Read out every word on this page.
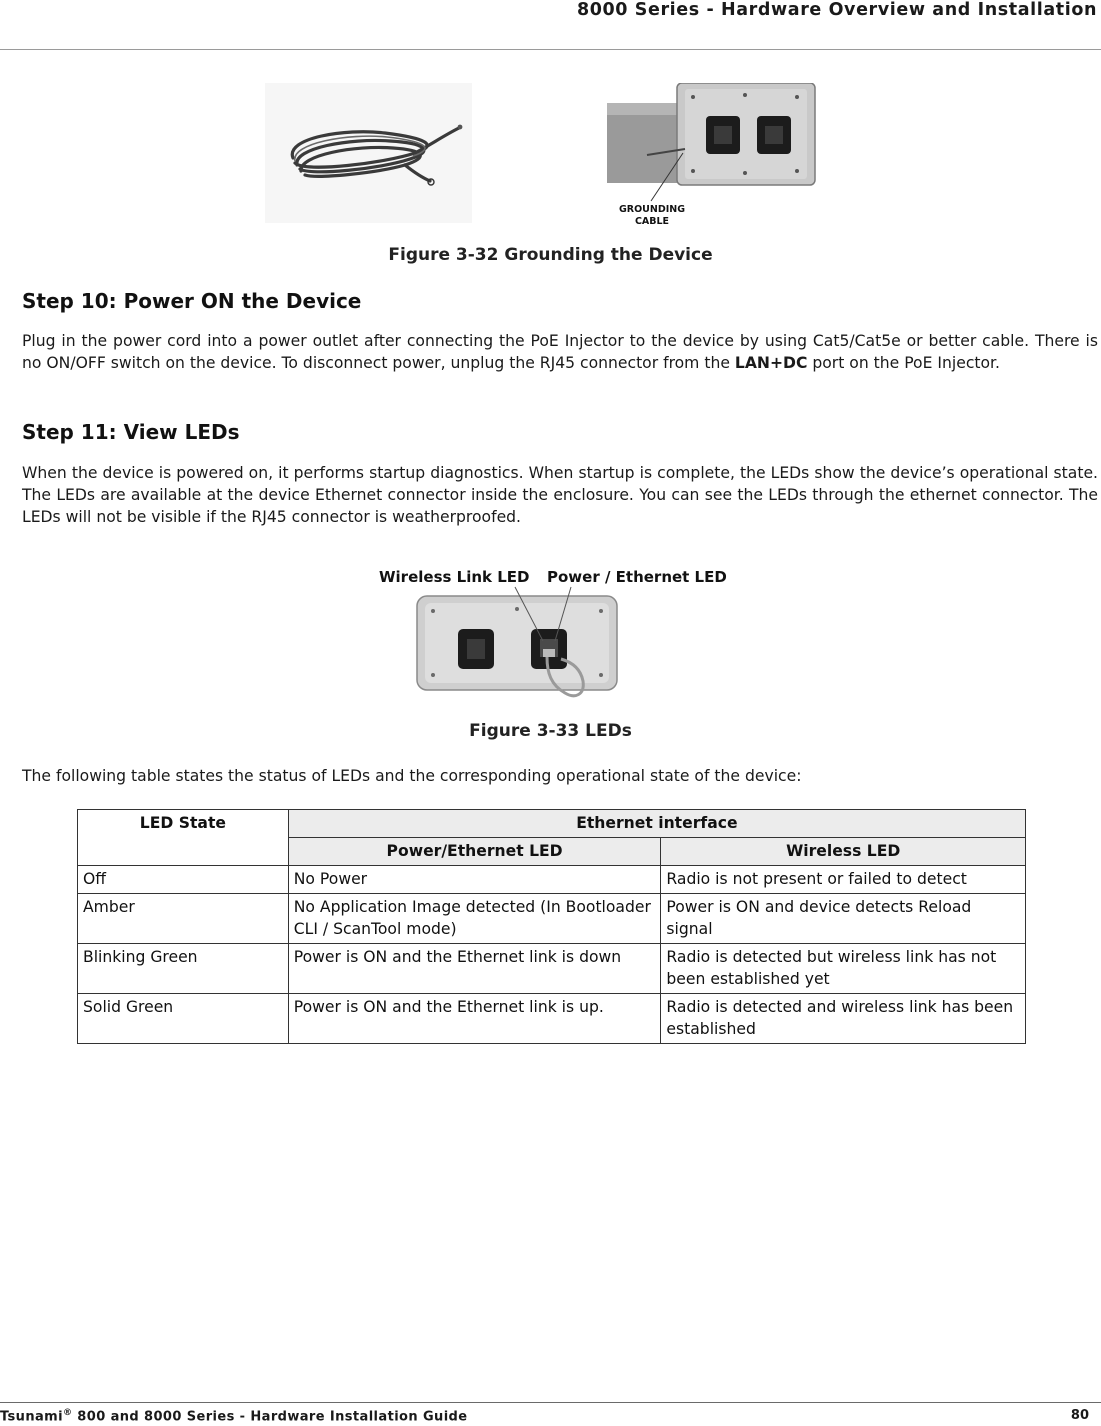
8000 Series - Hardware Overview and Installation
GROUNDING
CABLE
Figure 3-32 Grounding the Device
Step 10: Power ON the Device
Plug in the power cord into a power outlet after connecting the PoE Injector to the device by using Cat5/Cat5e or better cable. There is no ON/OFF switch on the device. To disconnect power, unplug the RJ45 connector from the LAN+DC port on the PoE Injector.
Step 11: View LEDs
When the device is powered on, it performs startup diagnostics. When startup is complete, the LEDs show the device’s operational state. The LEDs are available at the device Ethernet connector inside the enclosure. You can see the LEDs through the ethernet connector. The LEDs will not be visible if the RJ45 connector is weatherproofed.
Wireless Link LED Power / Ethernet LED
Figure 3-33 LEDs
The following table states the status of LEDs and the corresponding operational state of the device:
LED State	Ethernet interface	
	Power/Ethernet LED	Wireless LED
Off	No Power	Radio is not present or failed to detect
Amber	No Application Image detected (In Bootloader CLI / ScanTool mode)	Power is ON and device detects Reload signal
Blinking Green	Power is ON and the Ethernet link is down	Radio is detected but wireless link has not been established yet
Solid Green	Power is ON and the Ethernet link is up.	Radio is detected and wireless link has been established
Tsunami® 800 and 8000 Series - Hardware Installation Guide	80
